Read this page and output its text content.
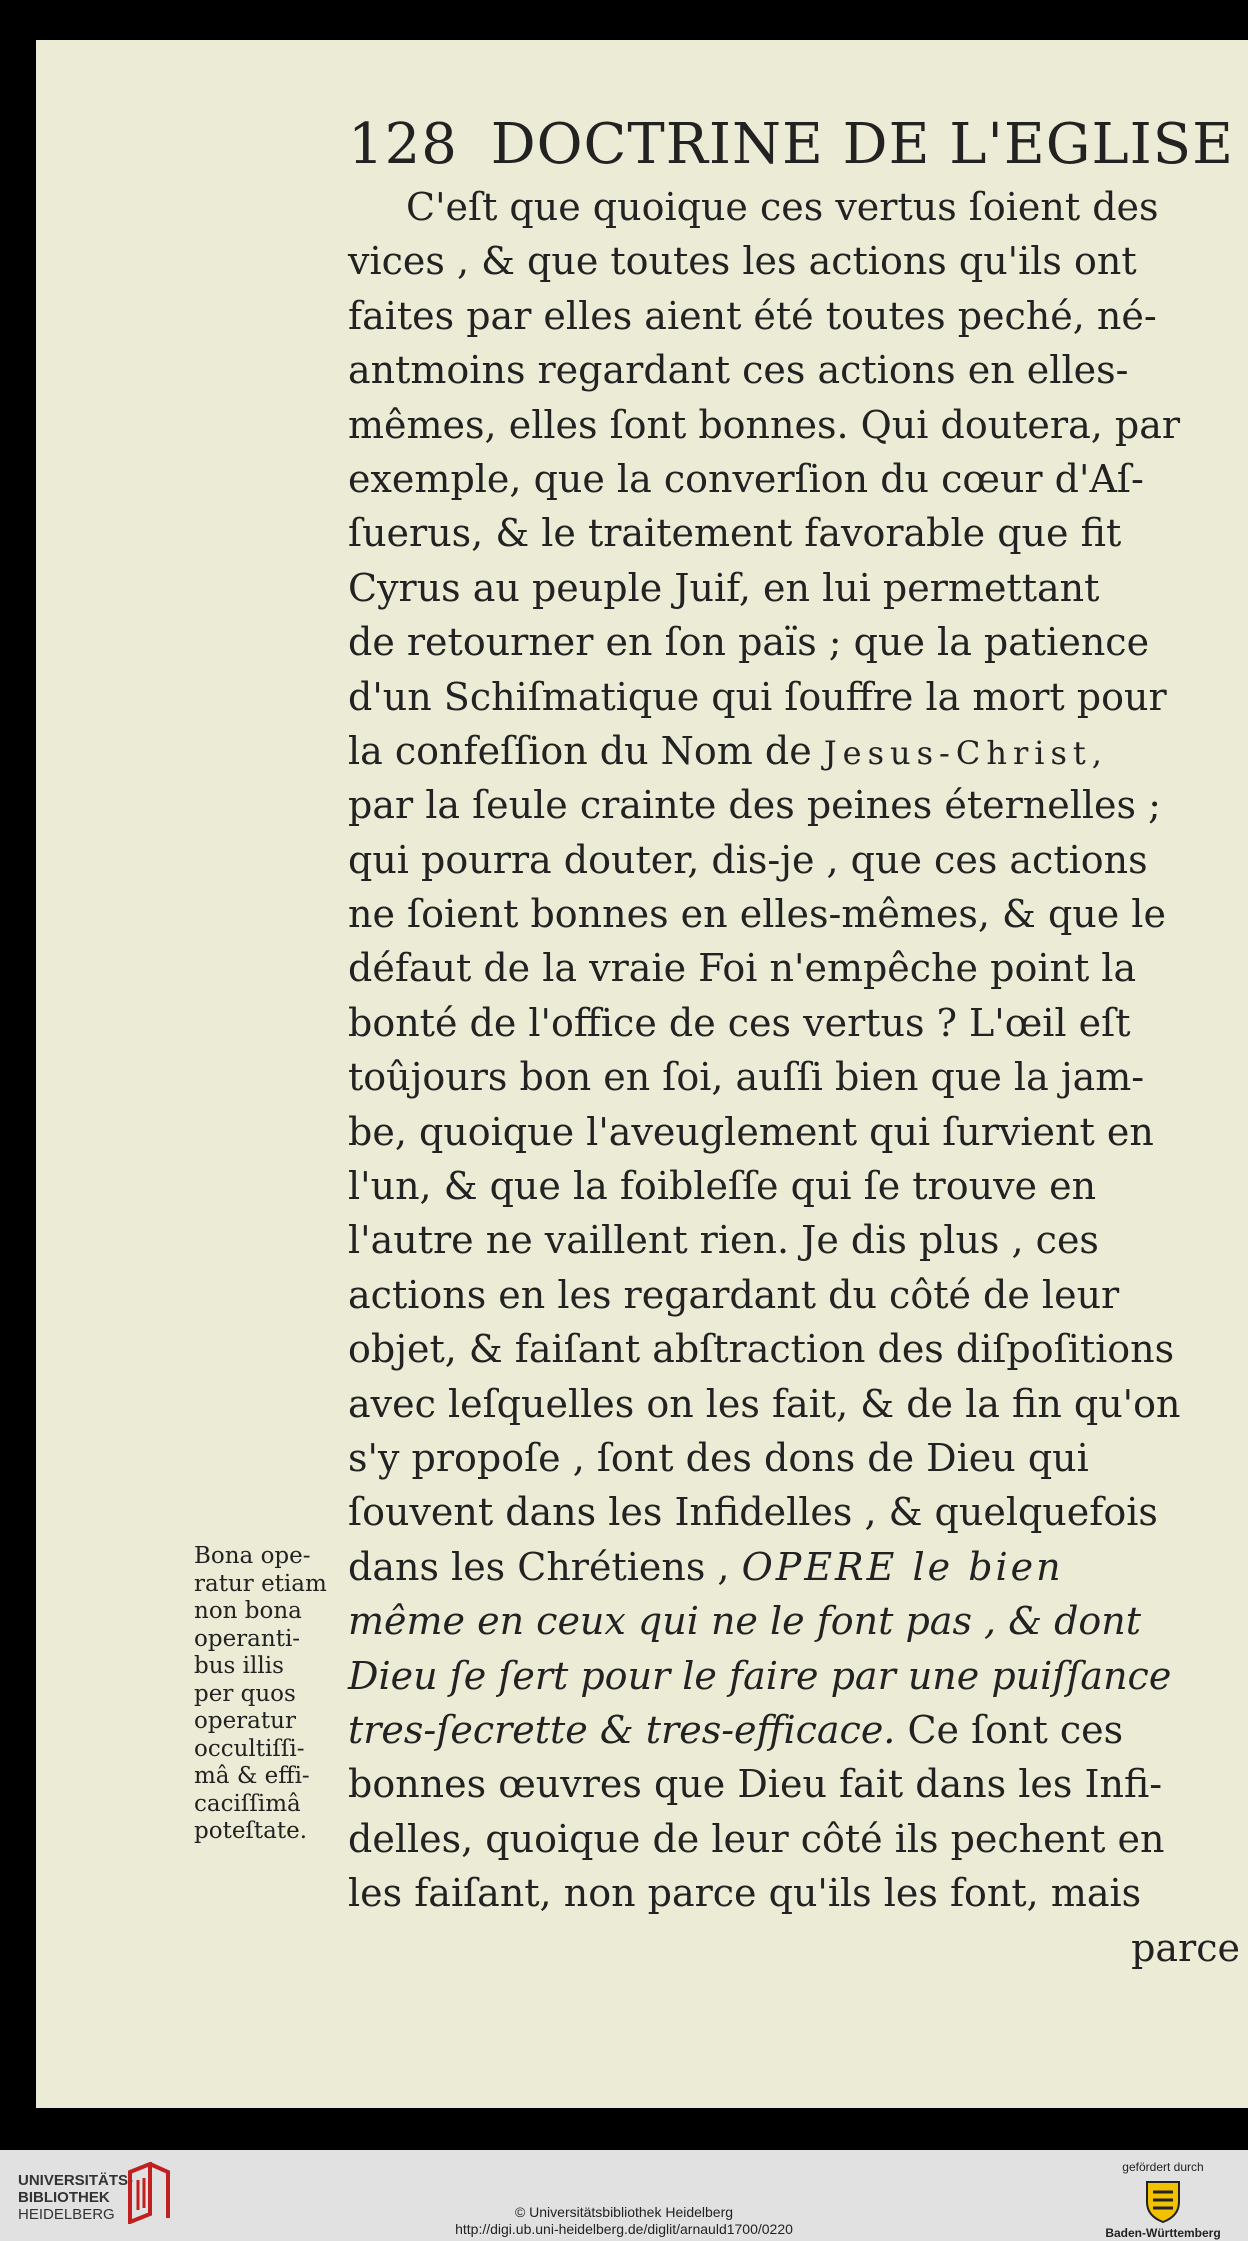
128 DOCTRINE DE L'EGLISE
C'eſt que quoique ces vertus ſoient des
vices , & que toutes les actions qu'ils ont
faites par elles aient été toutes peché, né-
antmoins regardant ces actions en elles-
mêmes, elles ſont bonnes. Qui doutera, par
exemple, que la converſion du cœur d'Aſ-
ſuerus, & le traitement favorable que fit
Cyrus au peuple Juif, en lui permettant
de retourner en ſon païs ; que la patience
d'un Schiſmatique qui ſouffre la mort pour
la confeſſion du Nom de Jesus-Christ,
par la ſeule crainte des peines éternelles ;
qui pourra douter, dis-je , que ces actions
ne ſoient bonnes en elles-mêmes, & que le
défaut de la vraie Foi n'empêche point la
bonté de l'office de ces vertus ? L'œil eſt
toûjours bon en ſoi, auſſi bien que la jam-
be, quoique l'aveuglement qui ſurvient en
l'un, & que la foibleſſe qui ſe trouve en
l'autre ne vaillent rien. Je dis plus , ces
actions en les regardant du côté de leur
objet, & faiſant abſtraction des diſpoſitions
avec leſquelles on les fait, & de la fin qu'on
s'y propoſe , ſont des dons de Dieu qui
ſouvent dans les Infidelles , & quelquefois
dans les Chrétiens , OPERE le bien
même en ceux qui ne le font pas , & dont
Dieu ſe ſert pour le faire par une puiſſance
tres-ſecrette & tres-efficace. Ce ſont ces
bonnes œuvres que Dieu fait dans les Infi-
delles, quoique de leur côté ils pechent en
les faiſant, non parce qu'ils les font, mais
parce
Bona ope-
ratur etiam
non bona
operanti-
bus illis
per quos
operatur
occultiſſi-
mâ & effi-
caciſſimâ
poteſtate.
UNIVERSITÄTS-
BIBLIOTHEK
HEIDELBERG	© Universitätsbibliothek Heidelberg
http://digi.ub.uni-heidelberg.de/diglit/arnauld1700/0220
gefördert durch
Baden-Württemberg
